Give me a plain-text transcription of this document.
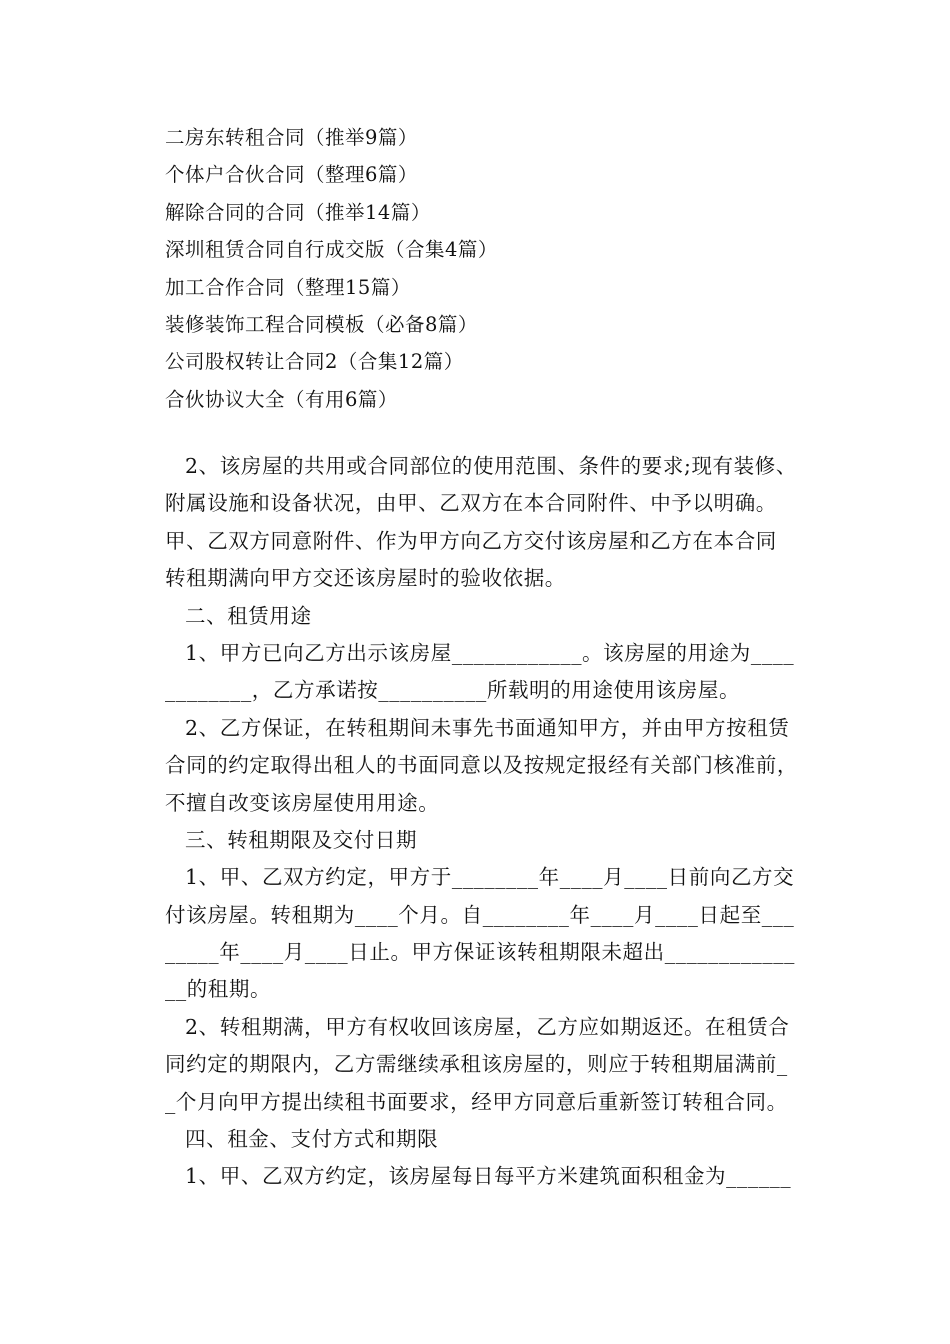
二房东转租合同（推举9篇）
个体户合伙合同（整理6篇）
解除合同的合同（推举14篇）
深圳租赁合同自行成交版（合集4篇）
加工合作合同（整理15篇）
装修装饰工程合同模板（必备8篇）
公司股权转让合同2（合集12篇）
合伙协议大全（有用6篇）
2、该房屋的共用或合同部位的使用范围、条件的要求;现有装修、
附属设施和设备状况，由甲、乙双方在本合同附件、中予以明确。
甲、乙双方同意附件、作为甲方向乙方交付该房屋和乙方在本合同
转租期满向甲方交还该房屋时的验收依据。
二、租赁用途
1、甲方已向乙方出示该房屋____________。该房屋的用途为____
________，乙方承诺按__________所载明的用途使用该房屋。
2、乙方保证，在转租期间未事先书面通知甲方，并由甲方按租赁
合同的约定取得出租人的书面同意以及按规定报经有关部门核准前，
不擅自改变该房屋使用用途。
三、转租期限及交付日期
1、甲、乙双方约定，甲方于________年____月____日前向乙方交
付该房屋。转租期为____个月。自________年____月____日起至___
_____年____月____日止。甲方保证该转租期限未超出____________
__的租期。
2、转租期满，甲方有权收回该房屋，乙方应如期返还。在租赁合
同约定的期限内，乙方需继续承租该房屋的，则应于转租期届满前_
_个月向甲方提出续租书面要求，经甲方同意后重新签订转租合同。
四、租金、支付方式和期限
1、甲、乙双方约定，该房屋每日每平方米建筑面积租金为______
